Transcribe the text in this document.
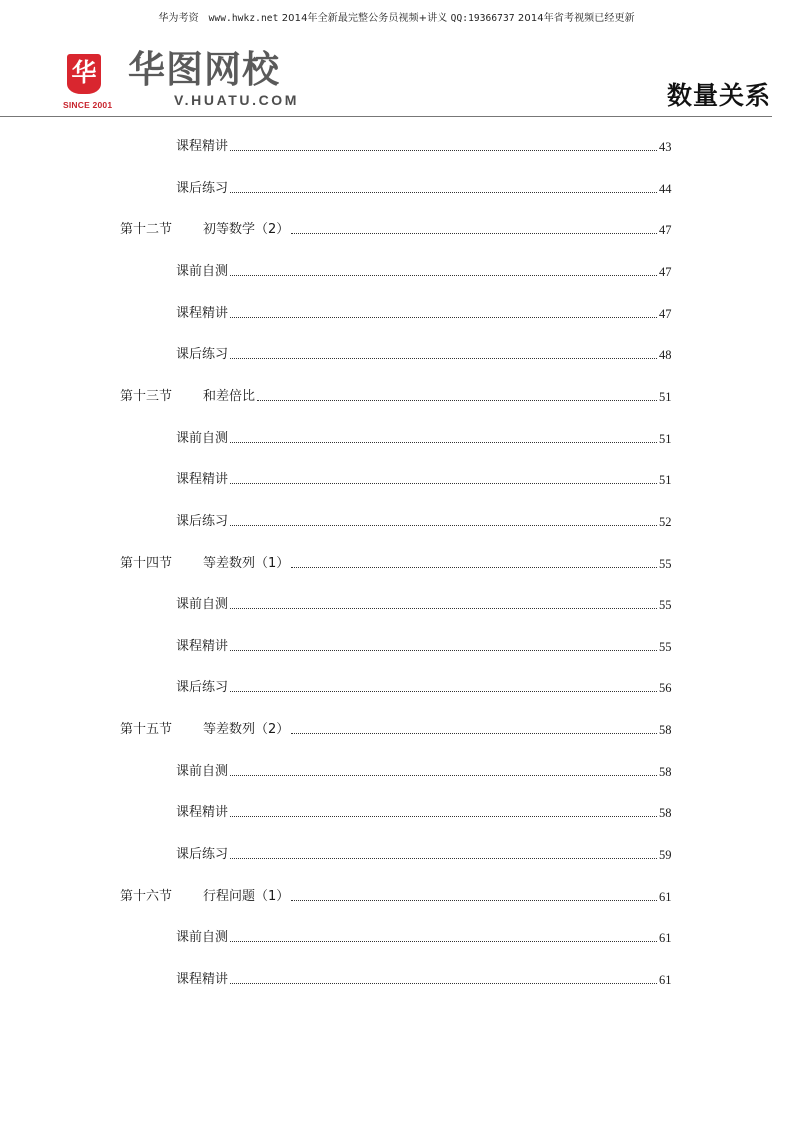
华为考资 www.hwkz.net 2014年全新最完整公务员视频+讲义 QQ:19366737 2014年省考视频已经更新
华
SINCE 2001
华图网校
V.HUATU.COM	数量关系
课程精讲	43
课后练习	44
第十二节 初等数学（2）	47
课前自测	47
课程精讲	47
课后练习	48
第十三节 和差倍比	51
课前自测	51
课程精讲	51
课后练习	52
第十四节 等差数列（1）	55
课前自测	55
课程精讲	55
课后练习	56
第十五节 等差数列（2）	58
课前自测	58
课程精讲	58
课后练习	59
第十六节 行程问题（1）	61
课前自测	61
课程精讲	61
